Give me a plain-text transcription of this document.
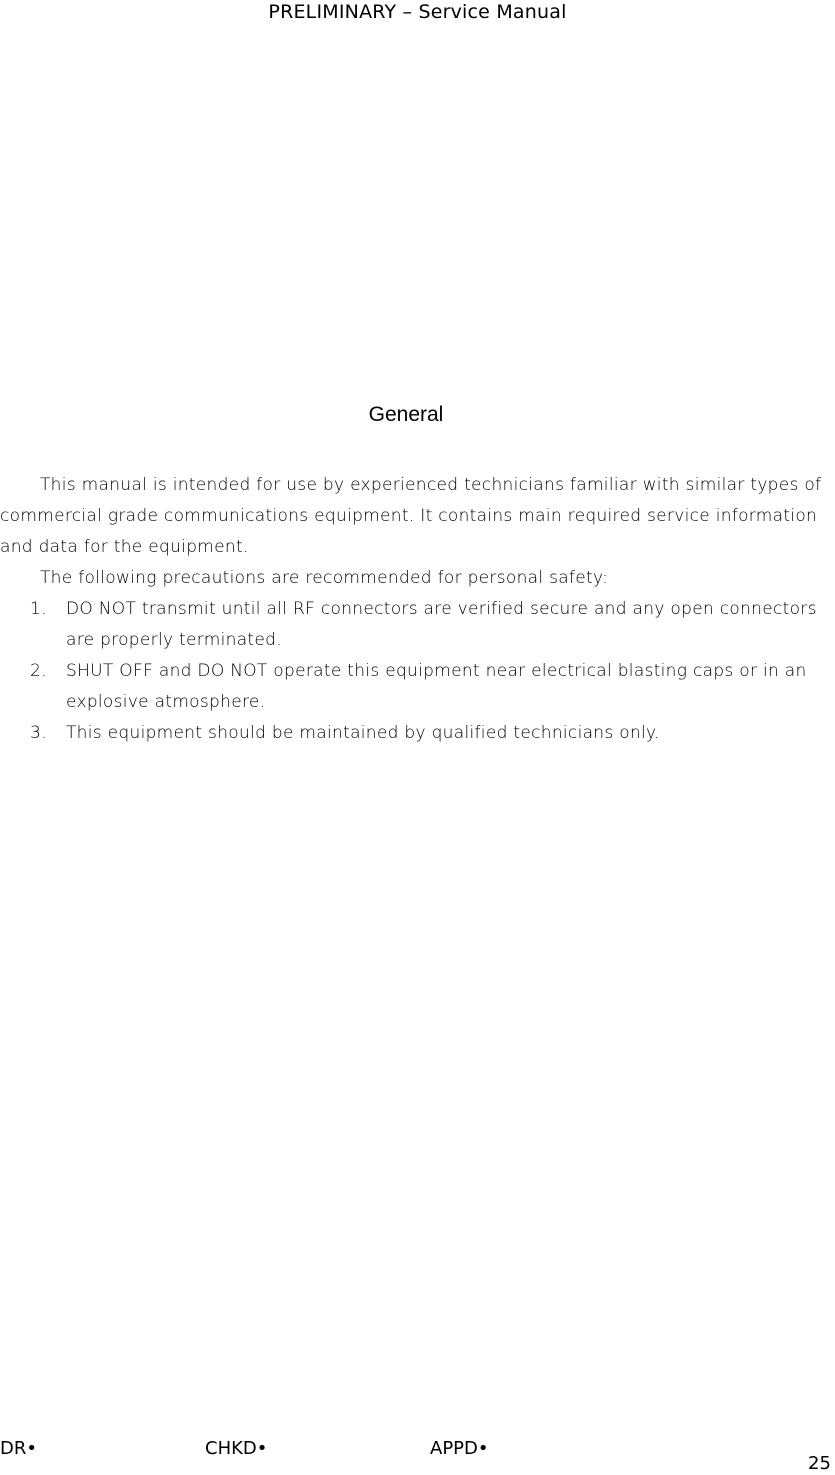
PRELIMINARY – Service Manual
General

This manual is intended for use by experienced technicians familiar with similar types of commercial grade communications equipment. It contains main required service information and data for the equipment.

The following precautions are recommended for personal safety:

1. DO NOT transmit until all RF connectors are verified secure and any open connectors are properly terminated.
2. SHUT OFF and DO NOT operate this equipment near electrical blasting caps or in an explosive atmosphere.
3. This equipment should be maintained by qualified technicians only.
DR•	CHKD•	APPD•
25
